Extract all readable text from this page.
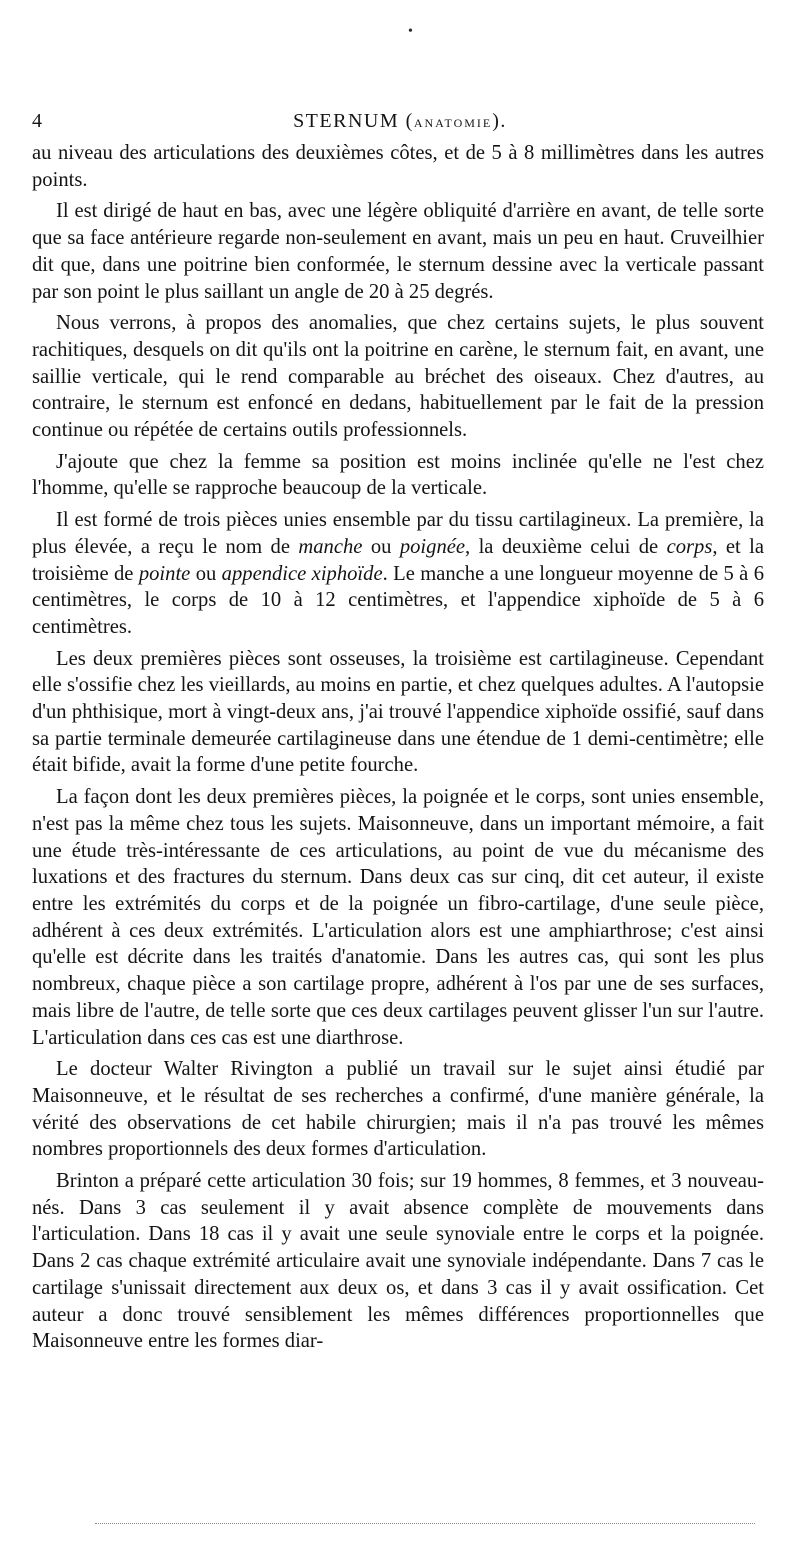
•
4	STERNUM (ANATOMIE).

au niveau des articulations des deuxièmes côtes, et de 5 à 8 millimètres dans les autres points.

Il est dirigé de haut en bas, avec une légère obliquité d'arrière en avant, de telle sorte que sa face antérieure regarde non-seulement en avant, mais un peu en haut. Cruveilhier dit que, dans une poitrine bien conformée, le sternum dessine avec la verticale passant par son point le plus saillant un angle de 20 à 25 degrés.

Nous verrons, à propos des anomalies, que chez certains sujets, le plus souvent rachitiques, desquels on dit qu'ils ont la poitrine en carène, le sternum fait, en avant, une saillie verticale, qui le rend comparable au bréchet des oiseaux. Chez d'autres, au contraire, le sternum est enfoncé en dedans, habituellement par le fait de la pression continue ou répétée de certains outils professionnels.

J'ajoute que chez la femme sa position est moins inclinée qu'elle ne l'est chez l'homme, qu'elle se rapproche beaucoup de la verticale.

Il est formé de trois pièces unies ensemble par du tissu cartilagineux. La première, la plus élevée, a reçu le nom de manche ou poignée, la deuxième celui de corps, et la troisième de pointe ou appendice xiphoïde. Le manche a une longueur moyenne de 5 à 6 centimètres, le corps de 10 à 12 centimètres, et l'appendice xiphoïde de 5 à 6 centimètres.

Les deux premières pièces sont osseuses, la troisième est cartilagineuse. Cependant elle s'ossifie chez les vieillards, au moins en partie, et chez quelques adultes. A l'autopsie d'un phthisique, mort à vingt-deux ans, j'ai trouvé l'appendice xiphoïde ossifié, sauf dans sa partie terminale demeurée cartilagineuse dans une étendue de 1 demi-centimètre; elle était bifide, avait la forme d'une petite fourche.

La façon dont les deux premières pièces, la poignée et le corps, sont unies ensemble, n'est pas la même chez tous les sujets. Maisonneuve, dans un important mémoire, a fait une étude très-intéressante de ces articulations, au point de vue du mécanisme des luxations et des fractures du sternum. Dans deux cas sur cinq, dit cet auteur, il existe entre les extrémités du corps et de la poignée un fibro-cartilage, d'une seule pièce, adhérent à ces deux extrémités. L'articulation alors est une amphiarthrose; c'est ainsi qu'elle est décrite dans les traités d'anatomie. Dans les autres cas, qui sont les plus nombreux, chaque pièce a son cartilage propre, adhérent à l'os par une de ses surfaces, mais libre de l'autre, de telle sorte que ces deux cartilages peuvent glisser l'un sur l'autre. L'articulation dans ces cas est une diarthrose.

Le docteur Walter Rivington a publié un travail sur le sujet ainsi étudié par Maisonneuve, et le résultat de ses recherches a confirmé, d'une manière générale, la vérité des observations de cet habile chirurgien; mais il n'a pas trouvé les mêmes nombres proportionnels des deux formes d'articulation.

Brinton a préparé cette articulation 30 fois; sur 19 hommes, 8 femmes, et 3 nouveau-nés. Dans 3 cas seulement il y avait absence complète de mouvements dans l'articulation. Dans 18 cas il y avait une seule synoviale entre le corps et la poignée. Dans 2 cas chaque extrémité articulaire avait une synoviale indépendante. Dans 7 cas le cartilage s'unissait directement aux deux os, et dans 3 cas il y avait ossification. Cet auteur a donc trouvé sensiblement les mêmes différences proportionnelles que Maisonneuve entre les formes diar-
